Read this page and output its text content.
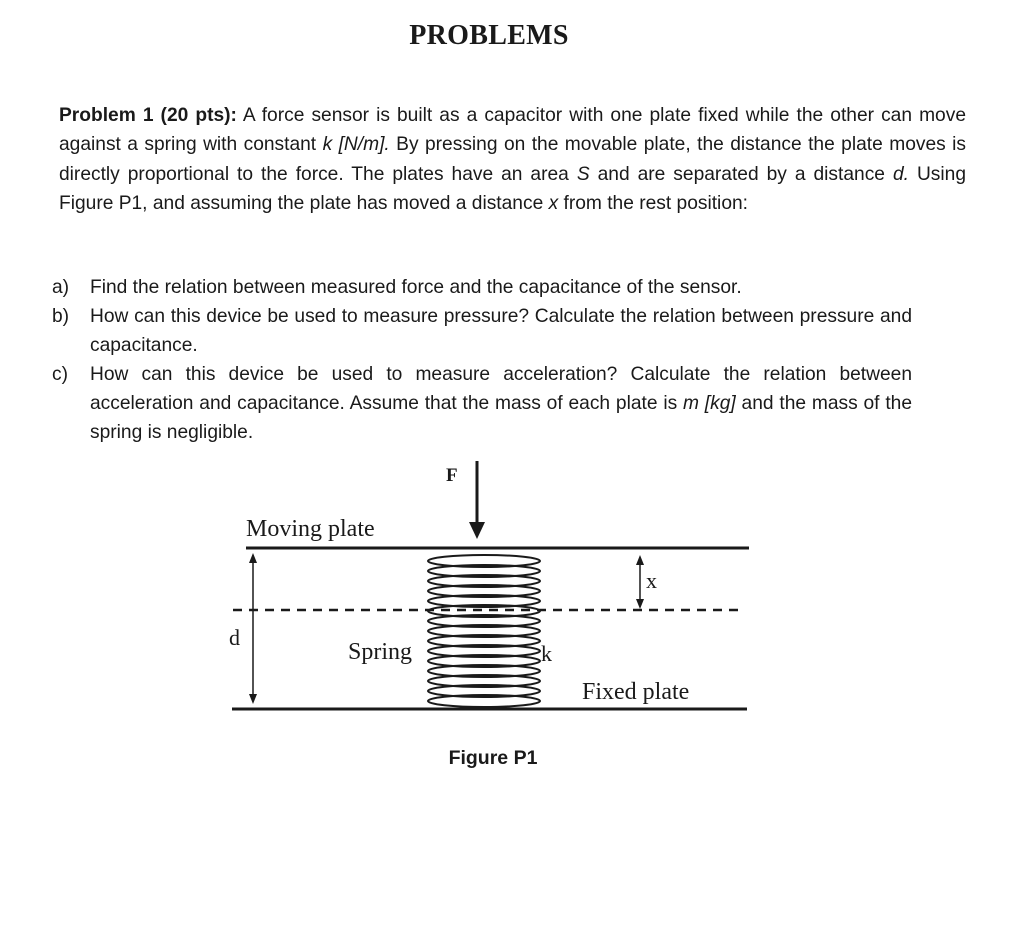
PROBLEMS

Problem 1 (20 pts): A force sensor is built as a capacitor with one plate fixed while the other can move against a spring with constant k [N/m]. By pressing on the movable plate, the distance the plate moves is directly proportional to the force. The plates have an area S and are separated by a distance d. Using Figure P1, and assuming the plate has moved a distance x from the rest position:

a) Find the relation between measured force and the capacitance of the sensor.
b) How can this device be used to measure pressure? Calculate the relation between pressure and capacitance.
c) How can this device be used to measure acceleration? Calculate the relation between acceleration and capacitance. Assume that the mass of each plate is m [kg] and the mass of the spring is negligible.
F
Moving plate
Fixed plate
d
x
Spring	k
Figure P1
